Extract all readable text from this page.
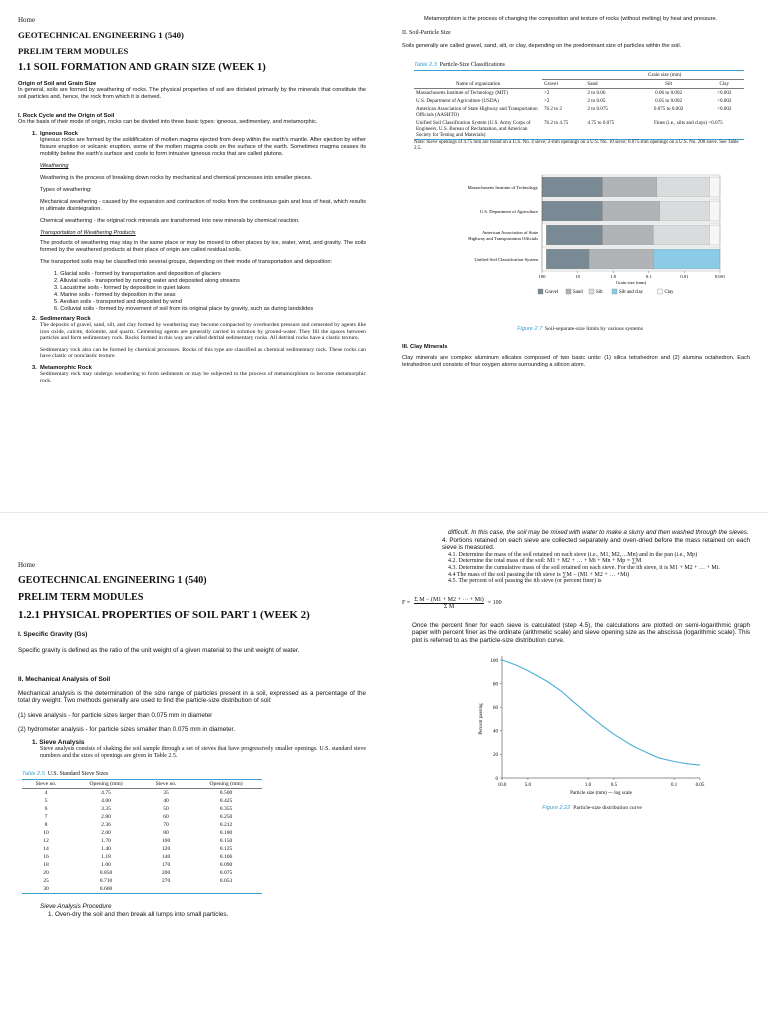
Home
GEOTECHNICAL ENGINEERING 1 (540)
PRELIM TERM MODULES
1.1 SOIL FORMATION AND GRAIN SIZE (WEEK 1)
Origin of Soil and Grain Size
In general, soils are formed by weathering of rocks. The physical properties of soil are dictated primarily by the minerals that constitute the soil particles and, hence, the rock from which it is derived.
I. Rock Cycle and the Origin of Soil
On the basis of their mode of origin, rocks can be divided into three basic types: igneous, sedimentary, and metamorphic.
1. Igneous Rock
Igneous rocks are formed by the solidification of molten magma ejected from deep within the earth's mantle. After ejection by either fissure eruption or volcanic eruption, some of the molten magma cools on the surface of the earth. Sometimes magma ceases its mobility below the earth's surface and cools to form intrusive igneous rocks that are called plutons.
Weathering
Weathering is the process of breaking down rocks by mechanical and chemical processes into smaller pieces.
Types of weathering:
Mechanical weathering - caused by the expansion and contraction of rocks from the continuous gain and loss of heat, which results in ultimate disintegration.
Chemical weathering - the original rock minerals are transformed into new minerals by chemical reaction.
Transportation of Weathering Products
The products of weathering may stay in the same place or may be moved to other places by ice, water, wind, and gravity. The soils formed by the weathered products at their place of origin are called residual soils.
The transported soils may be classified into several groups, depending on their mode of transportation and deposition:
1. Glacial soils - formed by transportation and deposition of glaciers
2. Alluvial soils - transported by running water and deposited along streams
3. Lacustrine soils - formed by deposition in quiet lakes
4. Marine soils - formed by deposition in the seas
5. Aeolian soils - transported and deposited by wind
6. Colluvial soils - formed by movement of soil from its original place by gravity, such as during landslides
2. Sedimentary Rock
The deposits of gravel, sand, silt, and clay formed by weathering may become compacted by overburden pressure and cemented by agents like iron oxide, calcite, dolomite, and quartz. Cementing agents are generally carried in solution by ground-water. They fill the spaces between particles and form sedimentary rock. Rocks formed in this way are called detrital sedimentary rocks. All detrital rocks have a clastic texture.
Sedimentary rock also can be formed by chemical processes. Rocks of this type are classified as chemical sedimentary rock. These rocks can have clastic or nonclastic texture.
3. Metamorphic Rock
Sedimentary rock may undergo weathering to form sediments or may be subjected to the process of metamorphism to become metamorphic rock.
Metamorphism is the process of changing the composition and texture of rocks (without melting) by heat and pressure.
II. Soil-Particle Size
Soils generally are called gravel, sand, silt, or clay, depending on the predominant size of particles within the soil.
Table 2.3 Particle-Size Classifications
		Grain size (mm)		
Name of organization	Gravel	Sand	Silt	Clay
Massachusetts Institute of Technology (MIT)	>2	2 to 0.06	0.06 to 0.002	<0.002
U.S. Department of Agriculture (USDA)	>2	2 to 0.05	0.05 to 0.002	<0.002
American Association of State Highway and Transportation Officials (AASHTO)	76.2 to 2	2 to 0.075	0.075 to 0.002	<0.002
Unified Soil Classification System (U.S. Army Corps of Engineers, U.S. Bureau of Reclamation, and American Society for Testing and Materials)	76.2 to 4.75	4.75 to 0.075	Fines (i.e., silts and clays) <0.075	

Note: Sieve openings of 4.75 mm are found on a U.S. No. 4 sieve; 2-mm openings on a U.S. No. 10 sieve; 0.075-mm openings on a U.S. No. 200 sieve. See Table 2.5.
Massachusetts Institute of Technology
U.S. Department of Agriculture
American Association of State
Highway and Transportation Officials
Unified Soil Classification System
100	10	1.0	0.1	0.01	0.001
Grain size (mm)
Gravel	Sand	Silt	Silt and clay	Clay
Figure 2.7 Soil-separate-size limits by various systems
III. Clay Minerals
Clay minerals are complex aluminum silicates composed of two basic units: (1) silica tetrahedron and (2) alumina octahedron. Each tetrahedron unit consists of four oxygen atoms surrounding a silicon atom.
Home
GEOTECHNICAL ENGINEERING 1 (540)
PRELIM TERM MODULES
1.2.1 PHYSICAL PROPERTIES OF SOIL PART 1 (WEEK 2)
I. Specific Gravity (Gs)
Specific gravity is defined as the ratio of the unit weight of a given material to the unit weight of water.
II. Mechanical Analysis of Soil
Mechanical analysis is the determination of the size range of particles present in a soil, expressed as a percentage of the total dry weight. Two methods generally are used to find the particle-size distribution of soil:
(1) sieve analysis - for particle sizes larger than 0.075 mm in diameter
(2) hydrometer analysis - for particle sizes smaller than 0.075 mm in diameter.
1. Sieve Analysis
Sieve analysis consists of shaking the soil sample through a set of sieves that have progressively smaller openings. U.S. standard sieve numbers and the sizes of openings are given in Table 2.5.
Table 2.5 U.S. Standard Sieve Sizes
Sieve no.	Opening (mm)	Sieve no.	Opening (mm)
4	4.75	35	0.500
5	4.00	40	0.425
6	3.35	50	0.355
7	2.80	60	0.250
8	2.36	70	0.212
10	2.00	80	0.180
12	1.70	100	0.150
14	1.40	120	0.125
16	1.18	140	0.106
18	1.00	170	0.090
20	0.850	200	0.075
25	0.710	270	0.053
30	0.600		
Sieve Analysis Procedure
1. Oven-dry the soil and then break all lumps into small particles.
difficult. In this case, the soil may be mixed with water to make a slurry and then washed through the sieves.
4. Portions retained on each sieve are collected separately and oven-dried before the mass retained on each sieve is measured.
4.1. Determine the mass of the soil retained on each sieve (i.e., M1, M2,…Mn) and in the pan (i.e., Mp)
4.2. Determine the total mass of the soil: M1 + M2 + … + Mi + Mn + Mp = ∑M
4.3. Determine the cumulative mass of the soil retained on each sieve. For the ith sieve, it is M1 + M2 + … + Mi.
4.4 The mass of the soil passing the ith sieve is ∑M – (M1 + M2 + … +Mi)
4.5. The percent of soil passing the ith sieve (or percent finer) is
$F = \frac{\text{Σ M − (M1 + M2 + ··· + Mi)}}{\text{Σ M}} \times 100$
Once the percent finer for each sieve is calculated (step 4.5), the calculations are plotted on semi-logarithmic graph paper with percent finer as the ordinate (arithmetic scale) and sieve opening size as the abscissa (logarithmic scale). This plot is referred to as the particle-size distribution curve.
100
80
60
40
20
0
10.0	5.0	1.0	0.5	0.1	0.05
Percent passing
Particle size (mm) — log scale
Figure 2.22 Particle-size distribution curve
